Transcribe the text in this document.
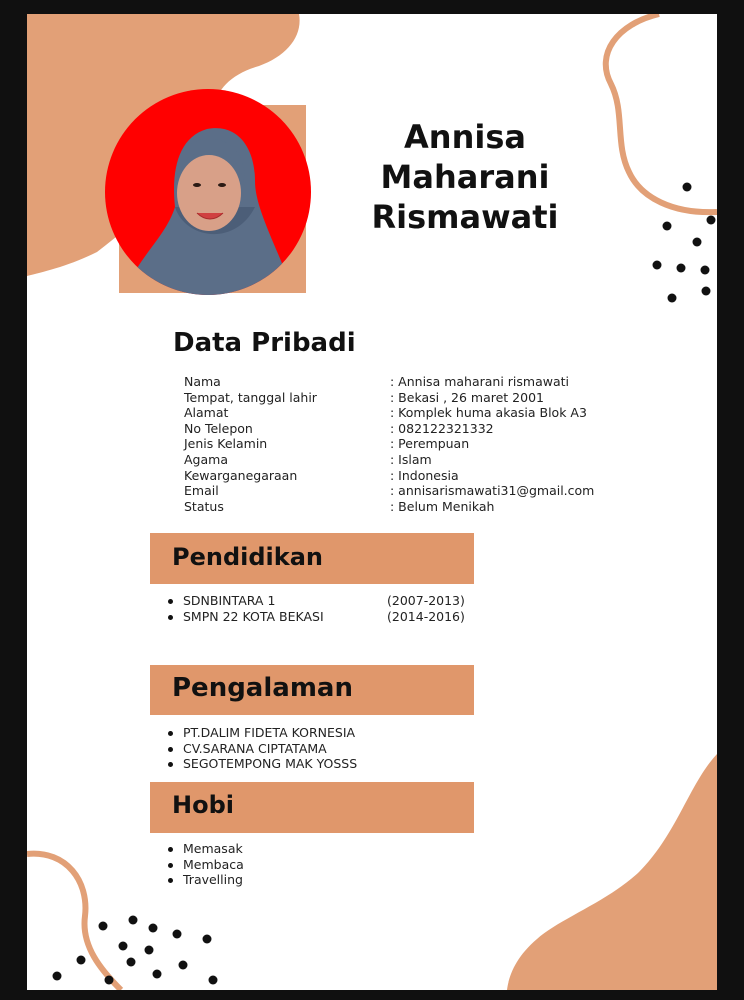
Annisa
Maharani
Rismawati
Data Pribadi
Nama	: Annisa maharani rismawati
Tempat, tanggal lahir	: Bekasi , 26 maret 2001
Alamat	: Komplek huma akasia Blok A3
No Telepon	: 082122321332
Jenis Kelamin	: Perempuan
Agama	: Islam
Kewarganegaraan	: Indonesia
Email	: annisarismawati31@gmail.com
Status	: Belum Menikah
Pendidikan
SDNBINTARA 1	(2007-2013)
SMPN 22 KOTA BEKASI	(2014-2016)
Pengalaman
PT.DALIM FIDETA KORNESIA
CV.SARANA CIPTATAMA
SEGOTEMPONG MAK YOSSS
Hobi
Memasak
Membaca
Travelling
